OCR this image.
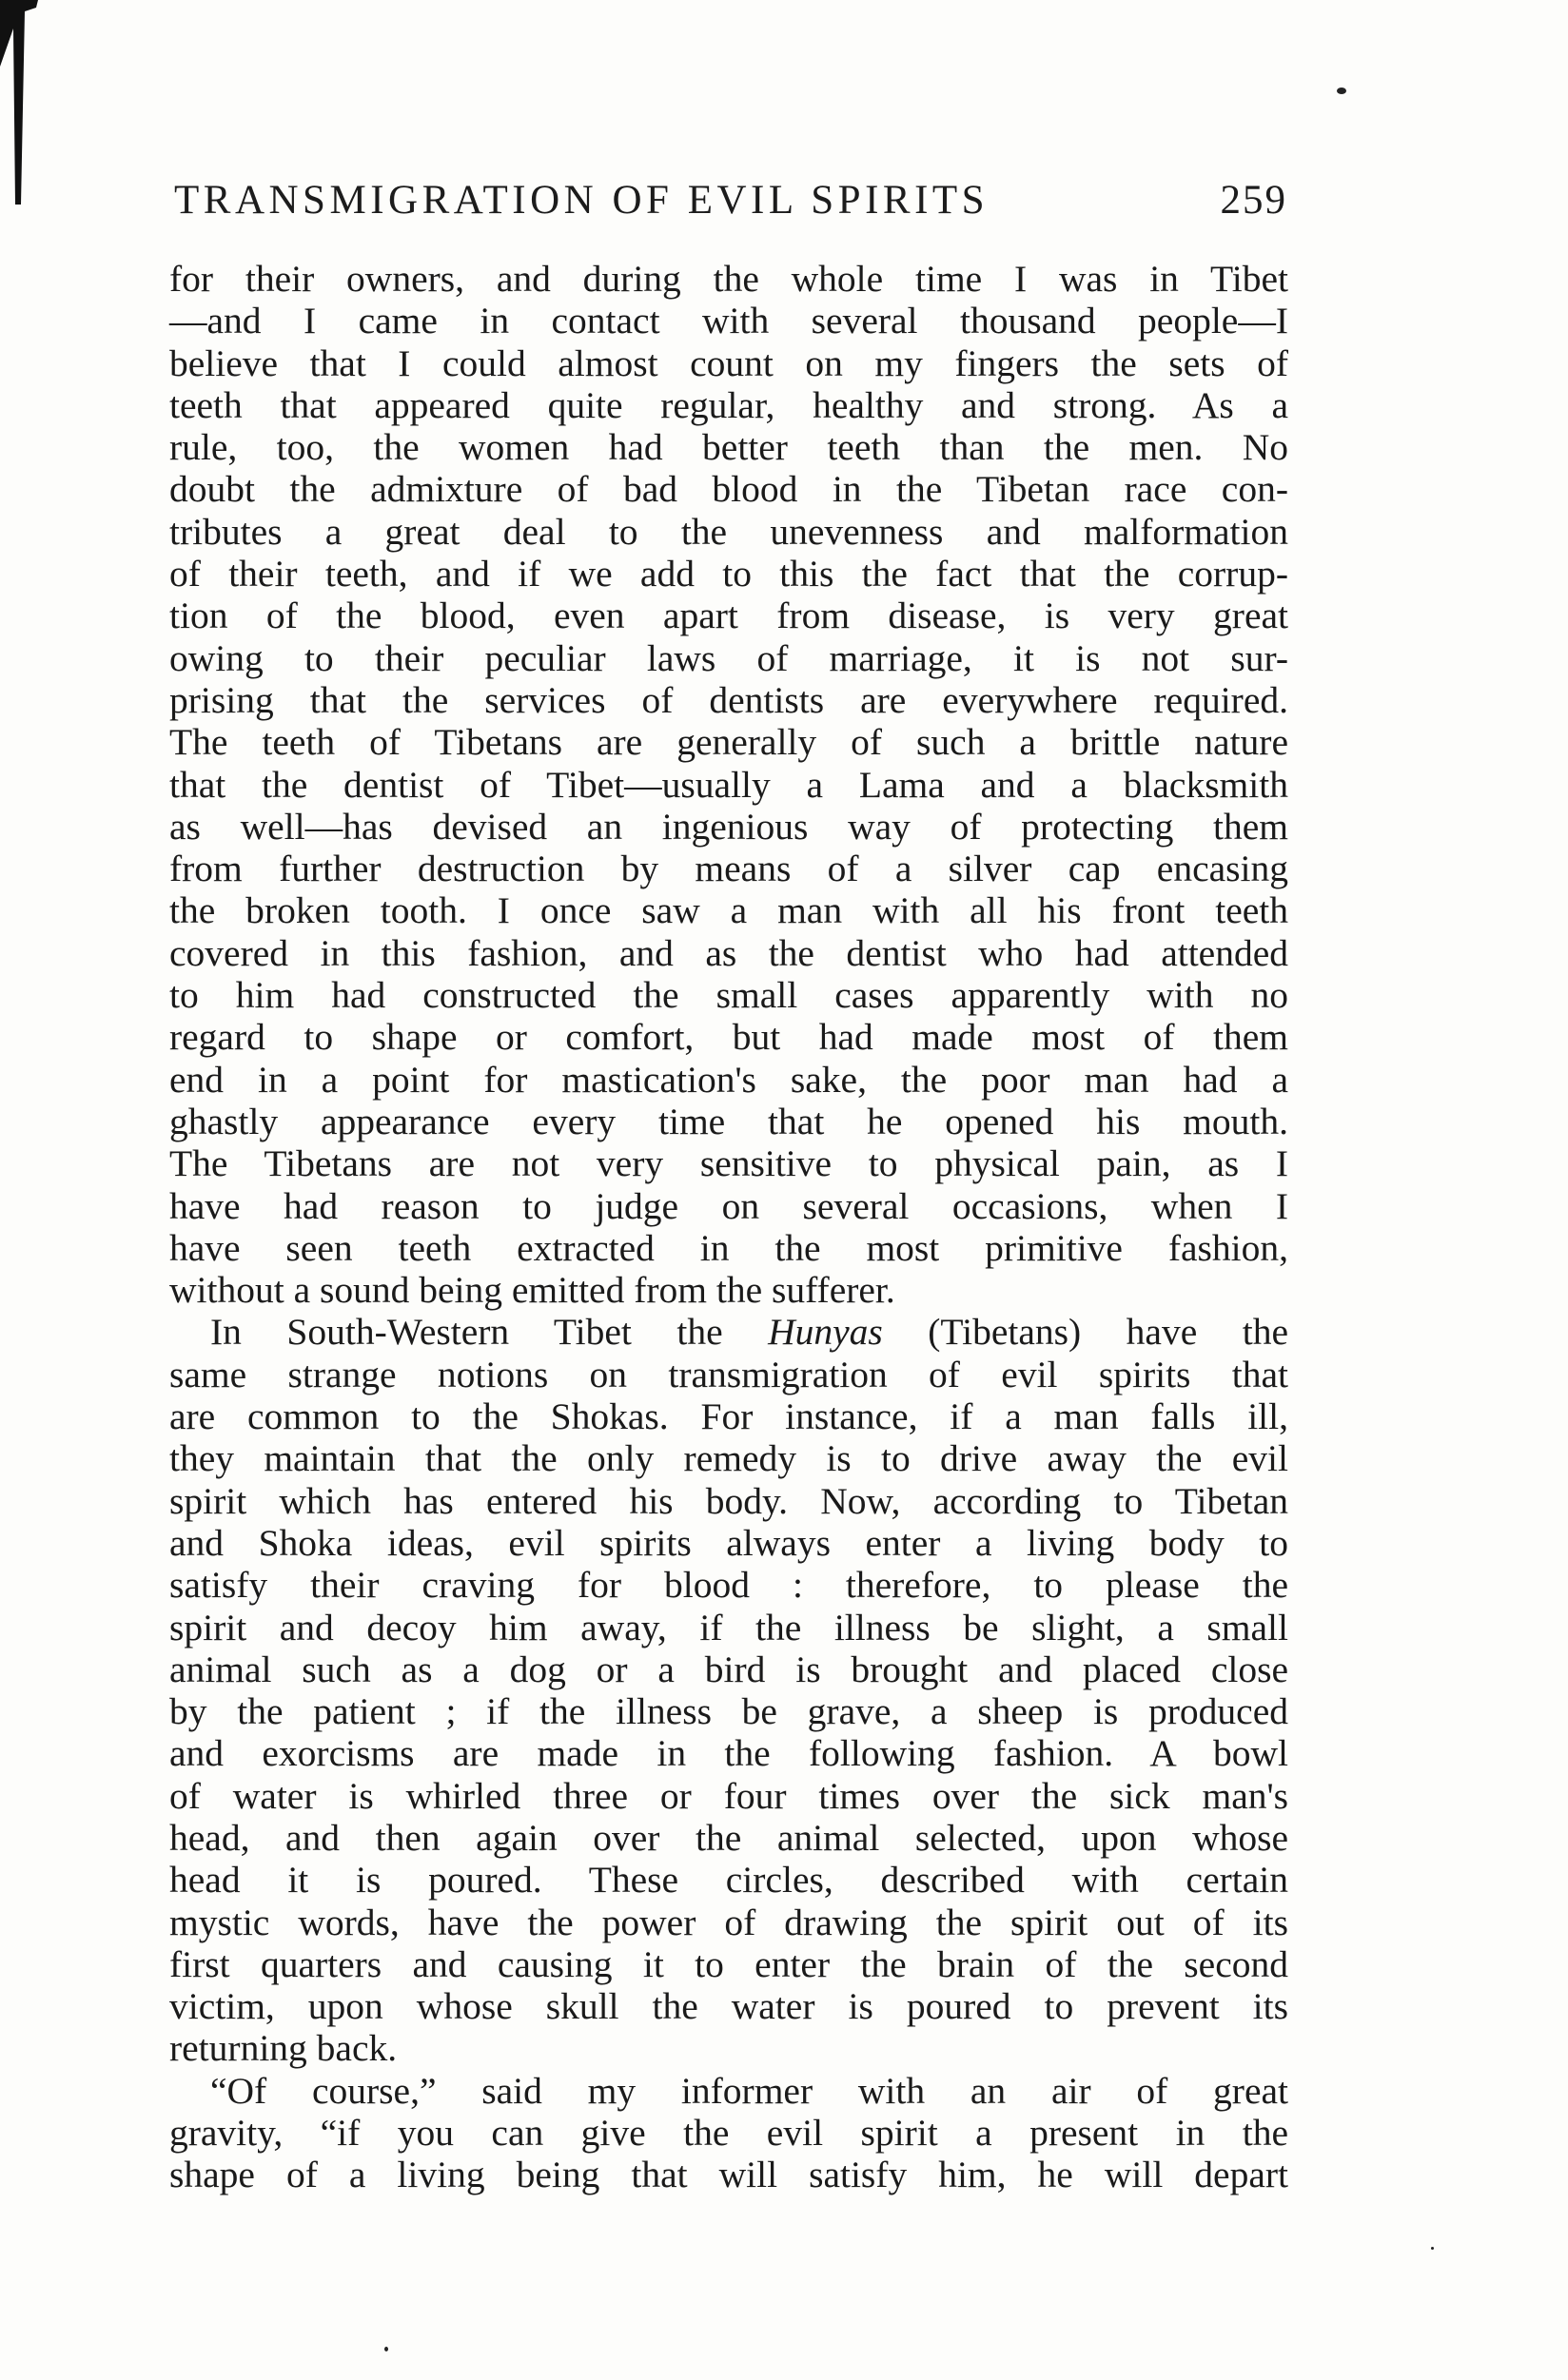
TRANSMIGRATION OF EVIL SPIRITS	259
for their owners, and during the whole time I was in Tibet
—and I came in contact with several thousand people—I
believe that I could almost count on my fingers the sets of
teeth that appeared quite regular, healthy and strong. As a
rule, too, the women had better teeth than the men. No
doubt the admixture of bad blood in the Tibetan race con-
tributes a great deal to the unevenness and malformation
of their teeth, and if we add to this the fact that the corrup-
tion of the blood, even apart from disease, is very great
owing to their peculiar laws of marriage, it is not sur-
prising that the services of dentists are everywhere required.
The teeth of Tibetans are generally of such a brittle nature
that the dentist of Tibet—usually a Lama and a blacksmith
as well—has devised an ingenious way of protecting them
from further destruction by means of a silver cap encasing
the broken tooth. I once saw a man with all his front teeth
covered in this fashion, and as the dentist who had attended
to him had constructed the small cases apparently with no
regard to shape or comfort, but had made most of them
end in a point for mastication's sake, the poor man had a
ghastly appearance every time that he opened his mouth.
The Tibetans are not very sensitive to physical pain, as I
have had reason to judge on several occasions, when I
have seen teeth extracted in the most primitive fashion,
without a sound being emitted from the sufferer.
In South-Western Tibet the Hunyas (Tibetans) have the
same strange notions on transmigration of evil spirits that
are common to the Shokas. For instance, if a man falls ill,
they maintain that the only remedy is to drive away the evil
spirit which has entered his body. Now, according to Tibetan
and Shoka ideas, evil spirits always enter a living body to
satisfy their craving for blood : therefore, to please the
spirit and decoy him away, if the illness be slight, a small
animal such as a dog or a bird is brought and placed close
by the patient ; if the illness be grave, a sheep is produced
and exorcisms are made in the following fashion. A bowl
of water is whirled three or four times over the sick man's
head, and then again over the animal selected, upon whose
head it is poured. These circles, described with certain
mystic words, have the power of drawing the spirit out of its
first quarters and causing it to enter the brain of the second
victim, upon whose skull the water is poured to prevent its
returning back.
“Of course,” said my informer with an air of great
gravity, “if you can give the evil spirit a present in the
shape of a living being that will satisfy him, he will depart
